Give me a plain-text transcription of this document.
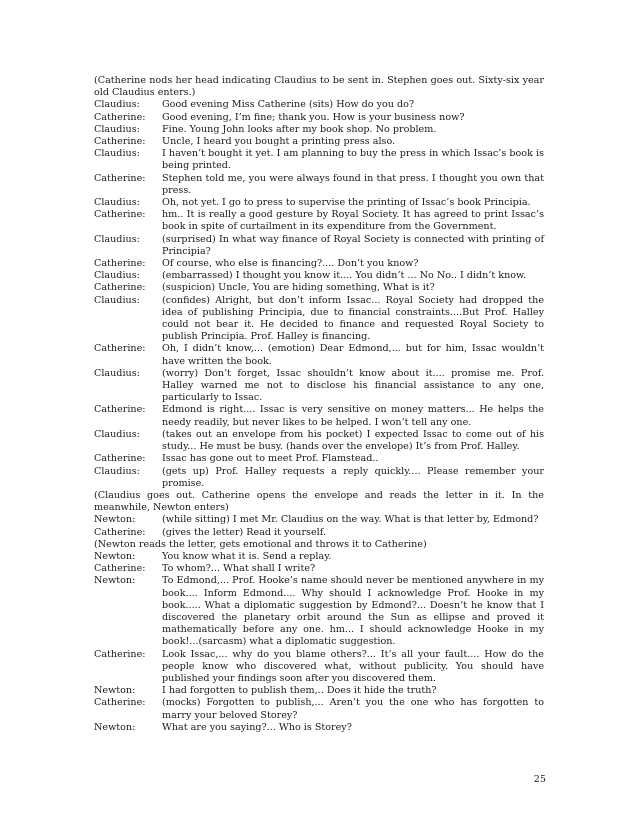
(Catherine nods her head indicating Claudius to be sent in. Stephen goes out. Sixty-six year old Claudius enters.)

Claudius:	Good evening Miss Catherine (sits) How do you do?
Catherine:	Good evening, I’m fine; thank you. How is your business now?
Claudius:	Fine. Young John looks after my book shop. No problem.
Catherine:	Uncle, I heard you bought a printing press also.
Claudius:	I haven’t bought it yet. I am planning to buy the press in which Issac’s book is being printed.
Catherine:	Stephen told me, you were always found in that press. I thought you own that press.
Claudius:	Oh, not yet. I go to press to supervise the printing of Issac’s book Principia.
Catherine:	hm.. It is really a good gesture by Royal Society. It has agreed to print Issac’s book in spite of curtailment in its expenditure from the Government.
Claudius:	(surprised) In what way finance of Royal Society is connected with printing of Principia?
Catherine:	Of course, who else is financing?.... Don’t you know?
Claudius:	(embarrassed) I thought you know it.... You didn’t ... No No.. I didn’t know.
Catherine:	(suspicion) Uncle, You are hiding something, What is it?
Claudius:	(confides) Alright, but don’t inform Issac... Royal Society had dropped the idea of publishing Principia, due to financial constraints....But Prof. Halley could not bear it. He decided to finance and requested Royal Society to publish Principia. Prof. Halley is financing.
Catherine:	Oh, I didn’t know,... (emotion) Dear Edmond,... but for him, Issac wouldn’t have written the book.
Claudius:	(worry) Don’t forget, Issac shouldn’t know about it.... promise me. Prof. Halley warned me not to disclose his financial assistance to any one, particularly to Issac.
Catherine:	Edmond is right.... Issac is very sensitive on money matters... He helps the needy readily, but never likes to be helped. I won’t tell any one.
Claudius:	(takes out an envelope from his pocket) I expected Issac to come out of his study... He must be busy. (hands over the envelope) It’s from Prof. Halley.
Catherine:	Issac has gone out to meet Prof. Flamstead..
Claudius:	(gets up) Prof. Halley requests a reply quickly.... Please remember your promise.

(Claudius goes out. Catherine opens the envelope and reads the letter in it. In the meanwhile, Newton enters)

Newton:	(while sitting) I met Mr. Claudius on the way. What is that letter by, Edmond?
Catherine:	(gives the letter) Read it yourself.

(Newton reads the letter, gets emotional and throws it to Catherine)

Newton:	You know what it is. Send a replay.
Catherine:	To whom?... What shall I write?
Newton:	To Edmond,... Prof. Hooke’s name should never be mentioned anywhere in my book.... Inform Edmond.... Why should I acknowledge Prof. Hooke in my book..... What a diplomatic suggestion by Edmond?... Doesn’t he know that I discovered the planetary orbit around the Sun as ellipse and proved it mathematically before any one. hm... I should acknowledge Hooke in my book!...(sarcasm) what a diplomatic suggestion.
Catherine:	Look Issac,... why do you blame others?... It’s all your fault.... How do the people know who discovered what, without publicity. You should have published your findings soon after you discovered them.
Newton:	I had forgotten to publish them,.. Does it hide the truth?
Catherine:	(mocks) Forgotten to publish,... Aren’t you the one who has forgotten to marry your beloved Storey?
Newton:	What are you saying?... Who is Storey?
25
